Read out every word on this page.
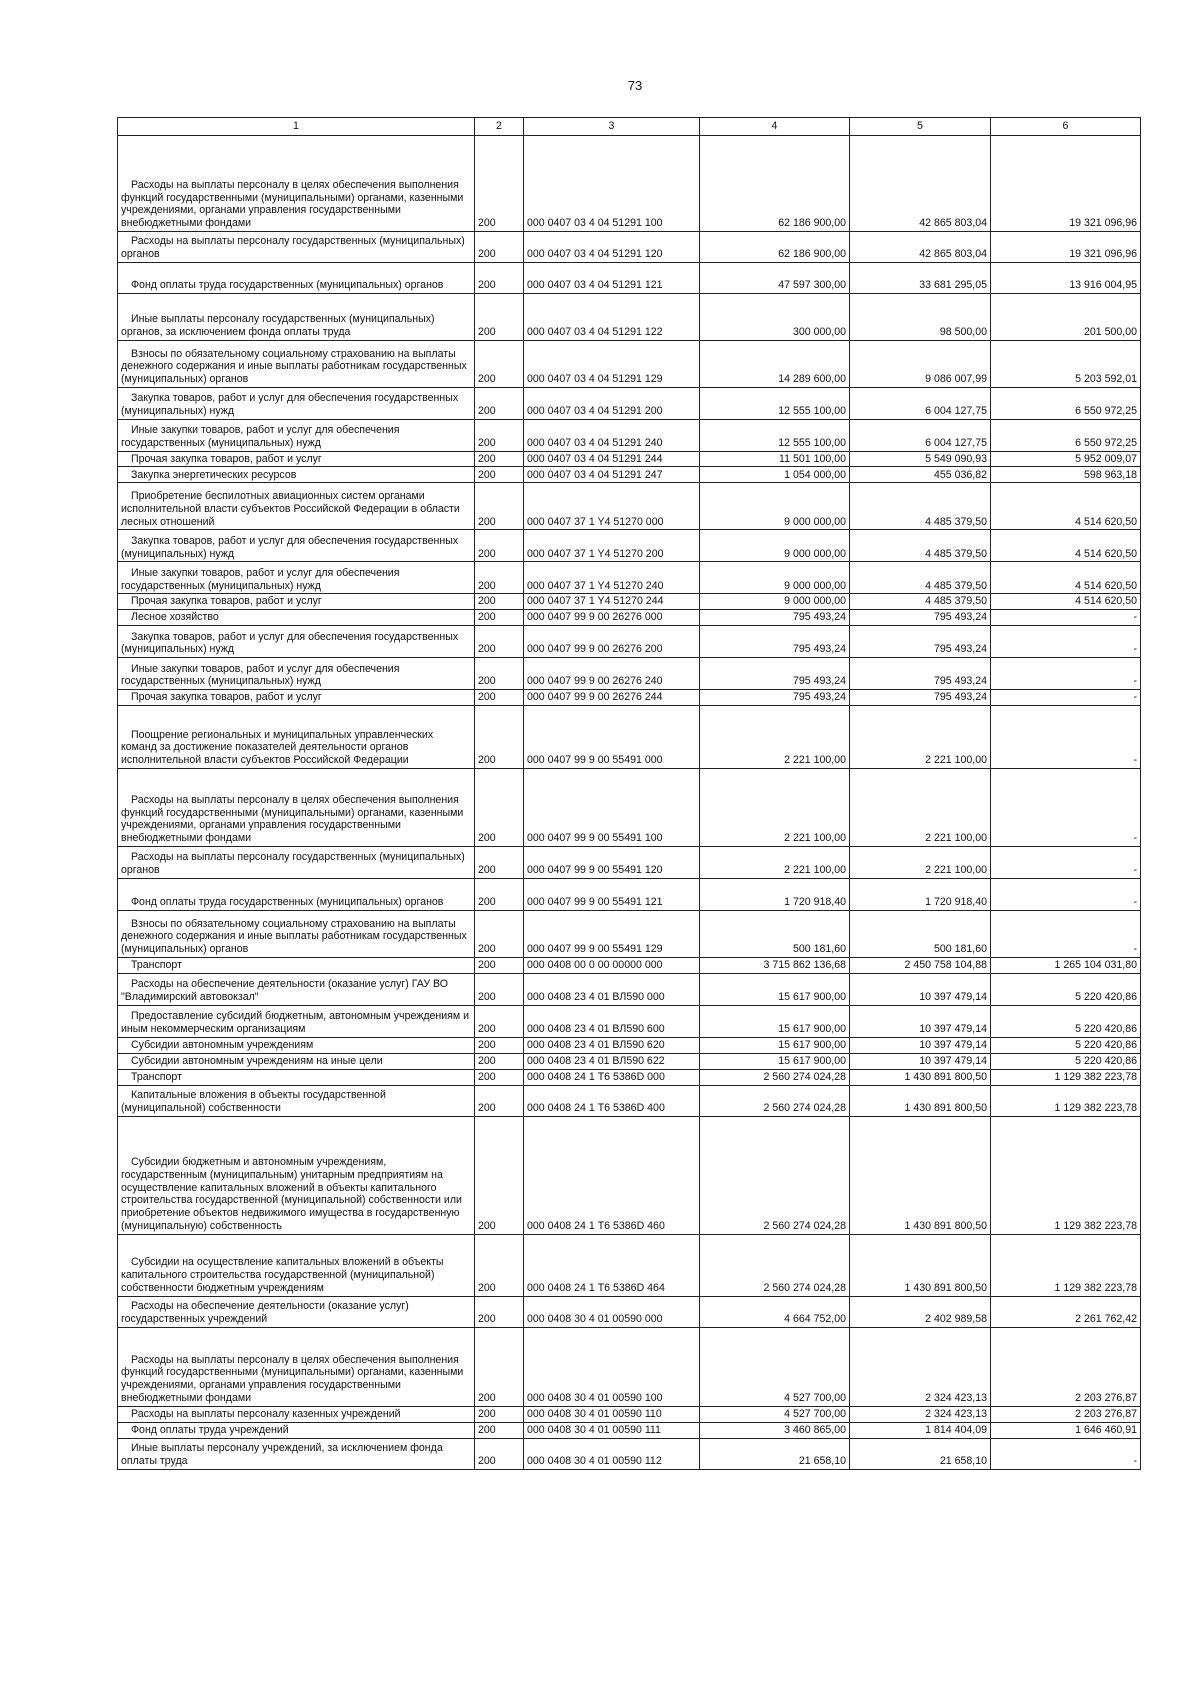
73
1	2	3	4	5	6
Расходы на выплаты персоналу в целях обеспечения выполнения функций государственными (муниципальными) органами, казенными учреждениями, органами управления государственными внебюджетными фондами	200	000 0407 03 4 04 51291 100	62 186 900,00	42 865 803,04	19 321 096,96
Расходы на выплаты персоналу государственных (муниципальных) органов	200	000 0407 03 4 04 51291 120	62 186 900,00	42 865 803,04	19 321 096,96
Фонд оплаты труда государственных (муниципальных) органов	200	000 0407 03 4 04 51291 121	47 597 300,00	33 681 295,05	13 916 004,95
Иные выплаты персоналу государственных (муниципальных) органов, за исключением фонда оплаты труда	200	000 0407 03 4 04 51291 122	300 000,00	98 500,00	201 500,00
Взносы по обязательному социальному страхованию на выплаты денежного содержания и иные выплаты работникам государственных (муниципальных) органов	200	000 0407 03 4 04 51291 129	14 289 600,00	9 086 007,99	5 203 592,01
Закупка товаров, работ и услуг для обеспечения государственных (муниципальных) нужд	200	000 0407 03 4 04 51291 200	12 555 100,00	6 004 127,75	6 550 972,25
Иные закупки товаров, работ и услуг для обеспечения государственных (муниципальных) нужд	200	000 0407 03 4 04 51291 240	12 555 100,00	6 004 127,75	6 550 972,25
Прочая закупка товаров, работ и услуг	200	000 0407 03 4 04 51291 244	11 501 100,00	5 549 090,93	5 952 009,07
Закупка энергетических ресурсов	200	000 0407 03 4 04 51291 247	1 054 000,00	455 036,82	598 963,18
Приобретение беспилотных авиационных систем органами исполнительной власти субъектов Российской Федерации в области лесных отношений	200	000 0407 37 1 Y4 51270 000	9 000 000,00	4 485 379,50	4 514 620,50
Закупка товаров, работ и услуг для обеспечения государственных (муниципальных) нужд	200	000 0407 37 1 Y4 51270 200	9 000 000,00	4 485 379,50	4 514 620,50
Иные закупки товаров, работ и услуг для обеспечения государственных (муниципальных) нужд	200	000 0407 37 1 Y4 51270 240	9 000 000,00	4 485 379,50	4 514 620,50
Прочая закупка товаров, работ и услуг	200	000 0407 37 1 Y4 51270 244	9 000 000,00	4 485 379,50	4 514 620,50
Лесное хозяйство	200	000 0407 99 9 00 26276 000	795 493,24	795 493,24	-
Закупка товаров, работ и услуг для обеспечения государственных (муниципальных) нужд	200	000 0407 99 9 00 26276 200	795 493,24	795 493,24	-
Иные закупки товаров, работ и услуг для обеспечения государственных (муниципальных) нужд	200	000 0407 99 9 00 26276 240	795 493,24	795 493,24	-
Прочая закупка товаров, работ и услуг	200	000 0407 99 9 00 26276 244	795 493,24	795 493,24	-
Поощрение региональных и муниципальных управленческих команд за достижение показателей деятельности органов исполнительной власти субъектов Российской Федерации	200	000 0407 99 9 00 55491 000	2 221 100,00	2 221 100,00	-
Расходы на выплаты персоналу в целях обеспечения выполнения функций государственными (муниципальными) органами, казенными учреждениями, органами управления государственными внебюджетными фондами	200	000 0407 99 9 00 55491 100	2 221 100,00	2 221 100,00	-
Расходы на выплаты персоналу государственных (муниципальных) органов	200	000 0407 99 9 00 55491 120	2 221 100,00	2 221 100,00	-
Фонд оплаты труда государственных (муниципальных) органов	200	000 0407 99 9 00 55491 121	1 720 918,40	1 720 918,40	-
Взносы по обязательному социальному страхованию на выплаты денежного содержания и иные выплаты работникам государственных (муниципальных) органов	200	000 0407 99 9 00 55491 129	500 181,60	500 181,60	-
Транспорт	200	000 0408 00 0 00 00000 000	3 715 862 136,68	2 450 758 104,88	1 265 104 031,80
Расходы на обеспечение деятельности (оказание услуг) ГАУ ВО "Владимирский автовокзал"	200	000 0408 23 4 01 ВЛ590 000	15 617 900,00	10 397 479,14	5 220 420,86
Предоставление субсидий бюджетным, автономным учреждениям и иным некоммерческим организациям	200	000 0408 23 4 01 ВЛ590 600	15 617 900,00	10 397 479,14	5 220 420,86
Субсидии автономным учреждениям	200	000 0408 23 4 01 ВЛ590 620	15 617 900,00	10 397 479,14	5 220 420,86
Субсидии автономным учреждениям на иные цели	200	000 0408 23 4 01 ВЛ590 622	15 617 900,00	10 397 479,14	5 220 420,86
Транспорт	200	000 0408 24 1 Т6 5386D 000	2 560 274 024,28	1 430 891 800,50	1 129 382 223,78
Капитальные вложения в объекты государственной (муниципальной) собственности	200	000 0408 24 1 Т6 5386D 400	2 560 274 024,28	1 430 891 800,50	1 129 382 223,78
Субсидии бюджетным и автономным учреждениям, государственным (муниципальным) унитарным предприятиям на осуществление капитальных вложений в объекты капитального строительства государственной (муниципальной) собственности или приобретение объектов недвижимого имущества в государственную (муниципальную) собственность	200	000 0408 24 1 Т6 5386D 460	2 560 274 024,28	1 430 891 800,50	1 129 382 223,78
Субсидии на осуществление капитальных вложений в объекты капитального строительства государственной (муниципальной) собственности бюджетным учреждениям	200	000 0408 24 1 Т6 5386D 464	2 560 274 024,28	1 430 891 800,50	1 129 382 223,78
Расходы на обеспечение деятельности (оказание услуг) государственных учреждений	200	000 0408 30 4 01 00590 000	4 664 752,00	2 402 989,58	2 261 762,42
Расходы на выплаты персоналу в целях обеспечения выполнения функций государственными (муниципальными) органами, казенными учреждениями, органами управления государственными внебюджетными фондами	200	000 0408 30 4 01 00590 100	4 527 700,00	2 324 423,13	2 203 276,87
Расходы на выплаты персоналу казенных учреждений	200	000 0408 30 4 01 00590 110	4 527 700,00	2 324 423,13	2 203 276,87
Фонд оплаты труда учреждений	200	000 0408 30 4 01 00590 111	3 460 865,00	1 814 404,09	1 646 460,91
Иные выплаты персоналу учреждений, за исключением фонда оплаты труда	200	000 0408 30 4 01 00590 112	21 658,10	21 658,10	-
